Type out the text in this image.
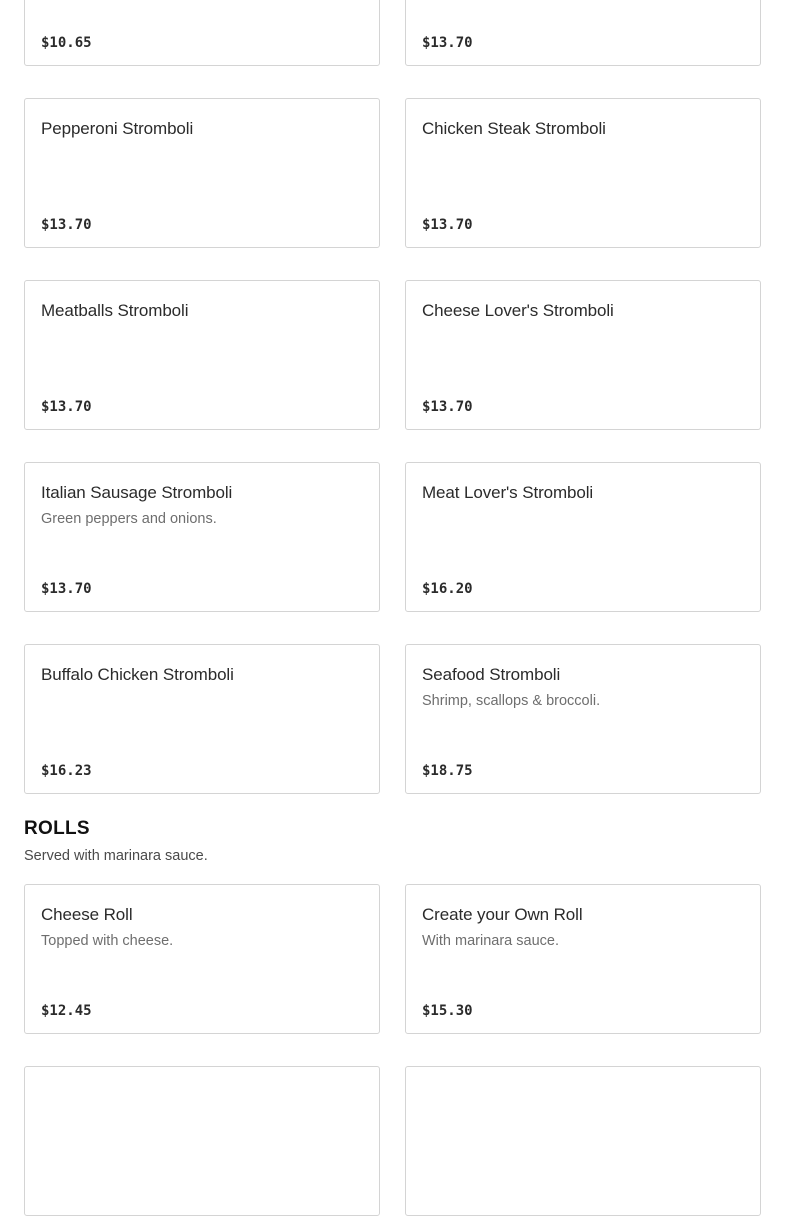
$10.65	$13.70
Pepperoni Stromboli
$13.70
Chicken Steak Stromboli
$13.70
Meatballs Stromboli
$13.70
Cheese Lover's Stromboli
$13.70
Italian Sausage Stromboli
Green peppers and onions.
$13.70
Meat Lover's Stromboli
$16.20
Buffalo Chicken Stromboli
$16.23
Seafood Stromboli
Shrimp, scallops & broccoli.
$18.75
ROLLS
Served with marinara sauce.
Cheese Roll
Topped with cheese.
$12.45
Create your Own Roll
With marinara sauce.
$15.30
